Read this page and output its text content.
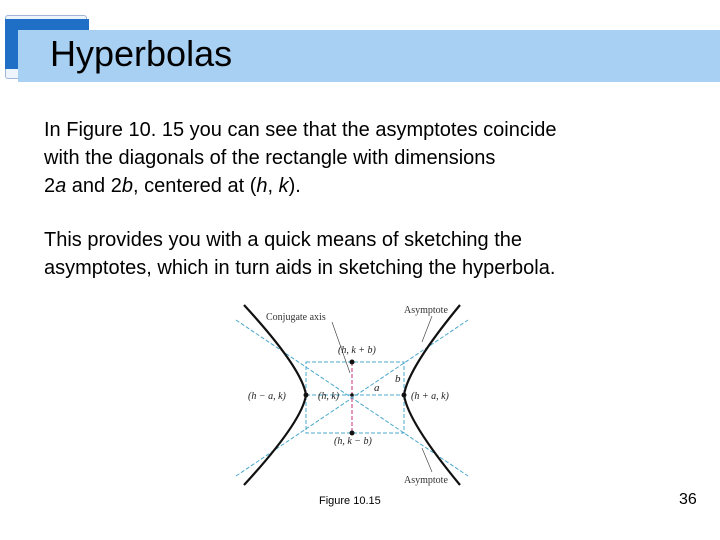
Hyperbolas
In Figure 10. 15 you can see that the asymptotes coincide
with the diagonals of the rectangle with dimensions
2a and 2b, centered at (h, k).
This provides you with a quick means of sketching the
asymptotes, which in turn aids in sketching the hyperbola.
Conjugate axis
Asymptote
Asymptote
(h, k + b)
(h, k)
(h − a, k)	(h + a, k)
(h, k − b)
a
b
Figure 10.15	36
